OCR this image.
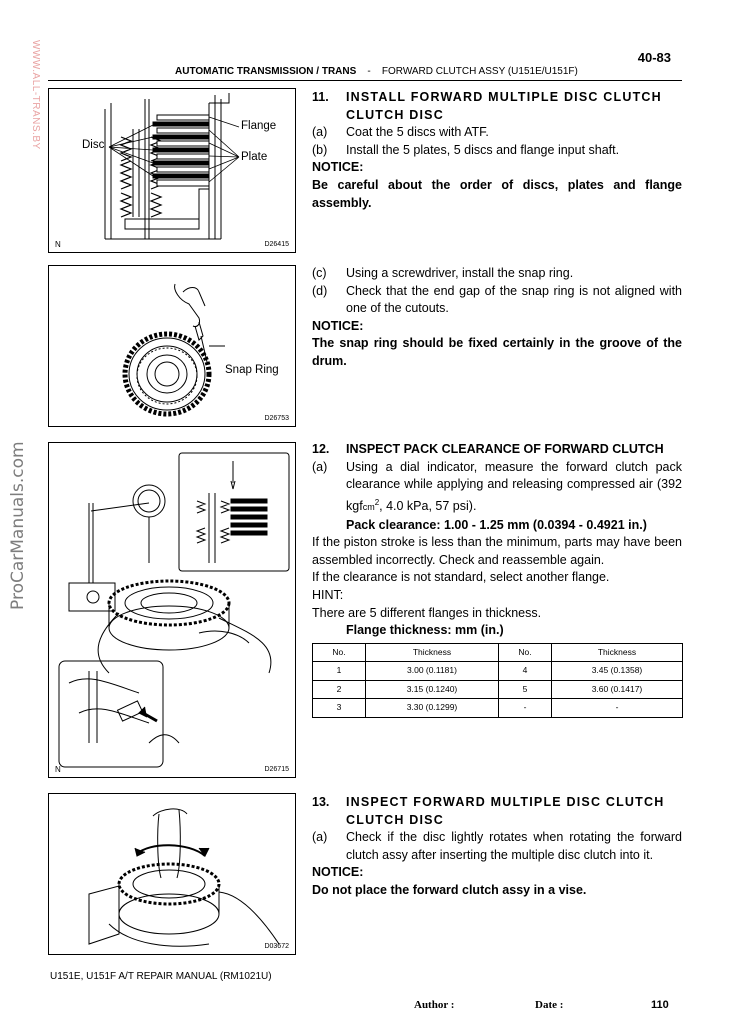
40-83
AUTOMATIC TRANSMISSION / TRANS - FORWARD CLUTCH ASSY (U151E/U151F)
WWW.ALL-TRANS.BY
ProCarManuals.com
Disc
Flange
Plate
N	D26415
11.	INSTALL FORWARD MULTIPLE DISC CLUTCH
CLUTCH DISC
(a)	Coat the 5 discs with ATF.
(b)	Install the 5 plates, 5 discs and flange input shaft.
NOTICE:
Be careful about the order of discs, plates and flange assembly.
Snap Ring
D26753
(c)	Using a screwdriver, install the snap ring.
(d)	Check that the end gap of the snap ring is not aligned with one of the cutouts.
NOTICE:
The snap ring should be fixed certainly in the groove of the drum.
N	D26715
12.	INSPECT PACK CLEARANCE OF FORWARD CLUTCH
(a)	Using a dial indicator, measure the forward clutch pack clearance while applying and releasing compressed air (392 kgfcm$^2$, 4.0 kPa, 57 psi).
Pack clearance: 1.00 - 1.25 mm (0.0394 - 0.4921 in.)
If the piston stroke is less than the minimum, parts may have been assembled incorrectly. Check and reassemble again.
If the clearance is not standard, select another flange.
HINT:
There are 5 different flanges in thickness.
Flange thickness: mm (in.)
No.	Thickness	No.	Thickness
1	3.00 (0.1181)	4	3.45 (0.1358)
2	3.15 (0.1240)	5	3.60 (0.1417)
3	3.30 (0.1299)	-	-
D03672
13.	INSPECT FORWARD MULTIPLE DISC CLUTCH
CLUTCH DISC
(a)	Check if the disc lightly rotates when rotating the forward clutch assy after inserting the multiple disc clutch into it.
NOTICE:
Do not place the forward clutch assy in a vise.
U151E, U151F A/T REPAIR MANUAL (RM1021U)
Author :	Date :	110
